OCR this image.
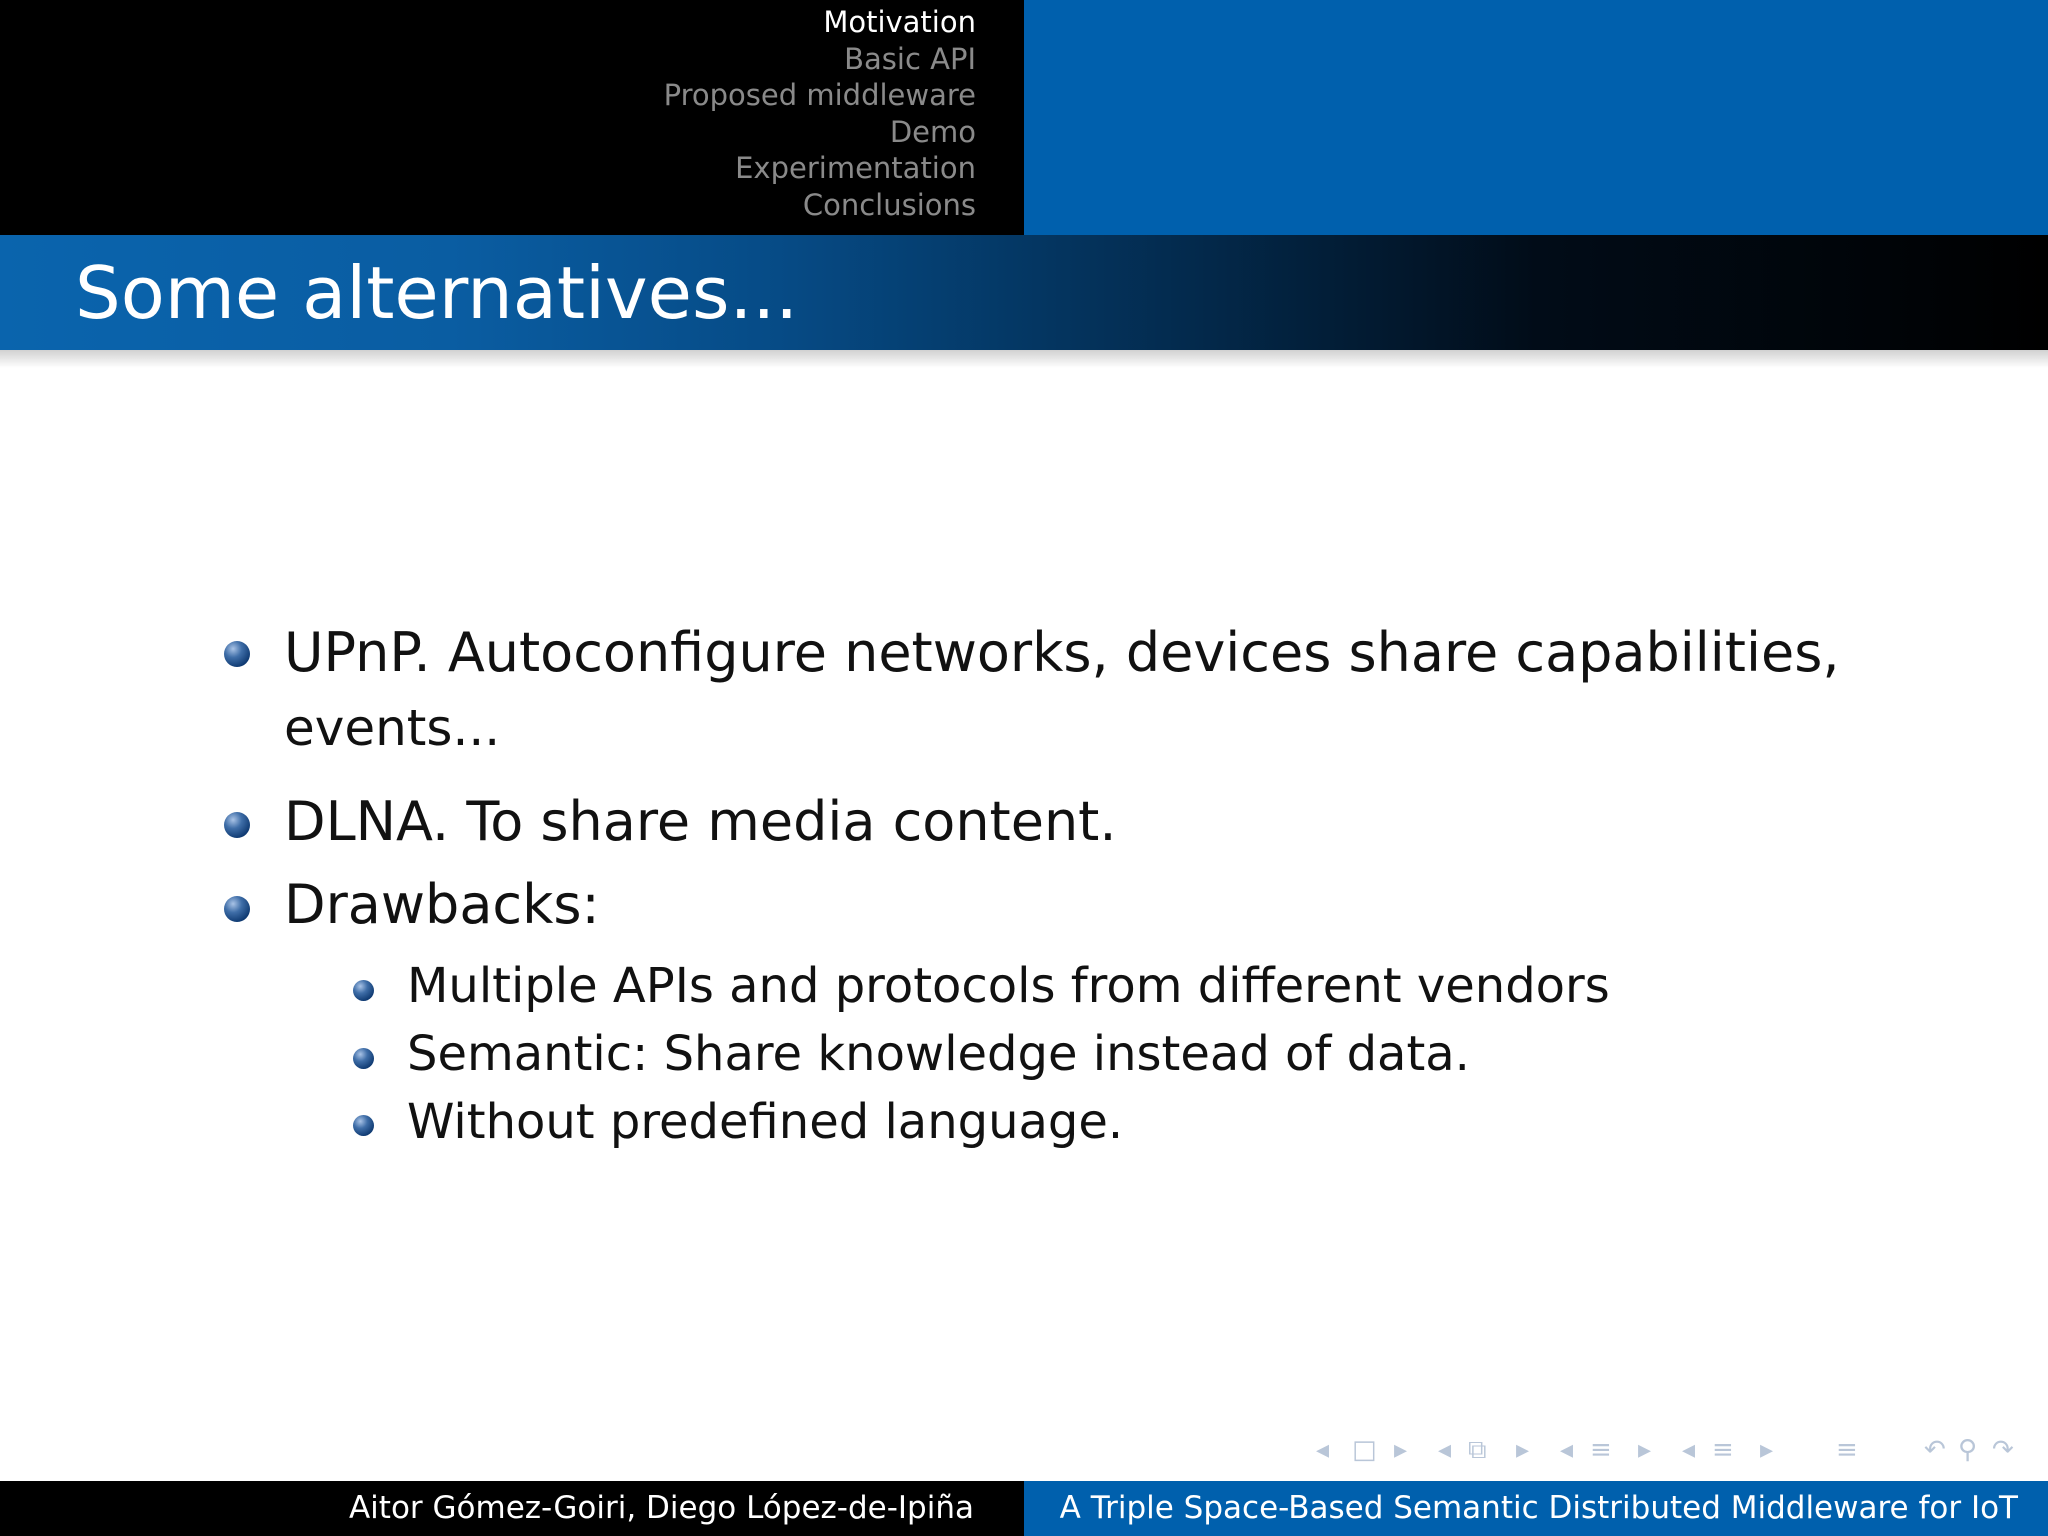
Motivation
Basic API
Proposed middleware
Demo
Experimentation
Conclusions
Some alternatives...
UPnP. Autoconfigure networks, devices share capabilities,
events...
DLNA. To share media content.
Drawbacks:
Multiple APIs and protocols from different vendors
Semantic: Share knowledge instead of data.
Without predefined language.
◂ □ ▸ ◂ ⧉ ▸ ◂ ≡ ▸ ◂ ≡ ▸ ≡	↶ ⚲ ↷
Aitor Gómez-Goiri, Diego López-de-Ipiña	A Triple Space-Based Semantic Distributed Middleware for IoT
